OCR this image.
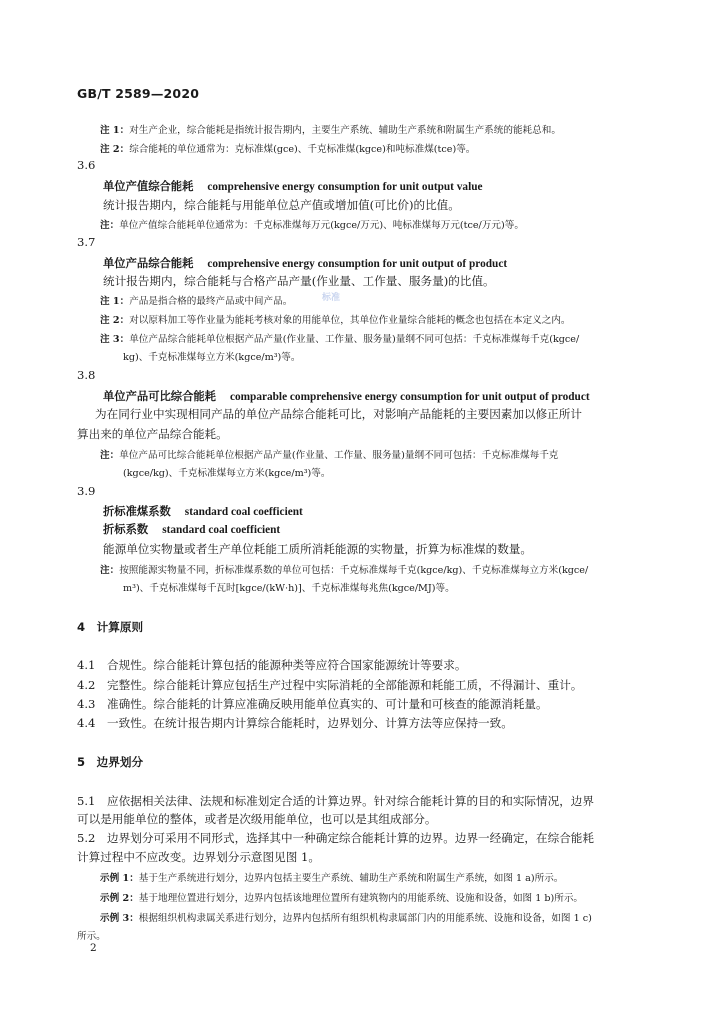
GB/T 2589—2020
标准
注 1：对生产企业，综合能耗是指统计报告期内，主要生产系统、辅助生产系统和附属生产系统的能耗总和。
注 2：综合能耗的单位通常为：克标准煤(gce)、千克标准煤(kgce)和吨标准煤(tce)等。
3.6
单位产值综合能耗 comprehensive energy consumption for unit output value
统计报告期内，综合能耗与用能单位总产值或增加值(可比价)的比值。
注：单位产值综合能耗单位通常为：千克标准煤每万元(kgce/万元)、吨标准煤每万元(tce/万元)等。
3.7
单位产品综合能耗 comprehensive energy consumption for unit output of product
统计报告期内，综合能耗与合格产品产量(作业量、工作量、服务量)的比值。
注 1：产品是指合格的最终产品或中间产品。
注 2：对以原料加工等作业量为能耗考核对象的用能单位，其单位作业量综合能耗的概念也包括在本定义之内。
注 3：单位产品综合能耗单位根据产品产量(作业量、工作量、服务量)量纲不同可包括：千克标准煤每千克(kgce/
kg)、千克标准煤每立方米(kgce/m³)等。
3.8
单位产品可比综合能耗 comparable comprehensive energy consumption for unit output of product
为在同行业中实现相同产品的单位产品综合能耗可比，对影响产品能耗的主要因素加以修正所计
算出来的单位产品综合能耗。
注：单位产品可比综合能耗单位根据产品产量(作业量、工作量、服务量)量纲不同可包括：千克标准煤每千克
(kgce/kg)、千克标准煤每立方米(kgce/m³)等。
3.9
折标准煤系数 standard coal coefficient
折标系数 standard coal coefficient
能源单位实物量或者生产单位耗能工质所消耗能源的实物量，折算为标准煤的数量。
注：按照能源实物量不同，折标准煤系数的单位可包括：千克标准煤每千克(kgce/kg)、千克标准煤每立方米(kgce/
m³)、千克标准煤每千瓦时[kgce/(kW·h)]、千克标准煤每兆焦(kgce/MJ)等。
4　计算原则
4.1　合规性。综合能耗计算包括的能源种类等应符合国家能源统计等要求。
4.2　完整性。综合能耗计算应包括生产过程中实际消耗的全部能源和耗能工质，不得漏计、重计。
4.3　准确性。综合能耗的计算应准确反映用能单位真实的、可计量和可核查的能源消耗量。
4.4　一致性。在统计报告期内计算综合能耗时，边界划分、计算方法等应保持一致。
5　边界划分
5.1　应依据相关法律、法规和标准划定合适的计算边界。针对综合能耗计算的目的和实际情况，边界
可以是用能单位的整体，或者是次级用能单位，也可以是其组成部分。
5.2　边界划分可采用不同形式，选择其中一种确定综合能耗计算的边界。边界一经确定，在综合能耗
计算过程中不应改变。边界划分示意图见图 1。
示例 1：基于生产系统进行划分，边界内包括主要生产系统、辅助生产系统和附属生产系统，如图 1 a)所示。
示例 2：基于地理位置进行划分，边界内包括该地理位置所有建筑物内的用能系统、设施和设备，如图 1 b)所示。
示例 3：根据组织机构隶属关系进行划分，边界内包括所有组织机构隶属部门内的用能系统、设施和设备，如图 1 c)
所示。
2
